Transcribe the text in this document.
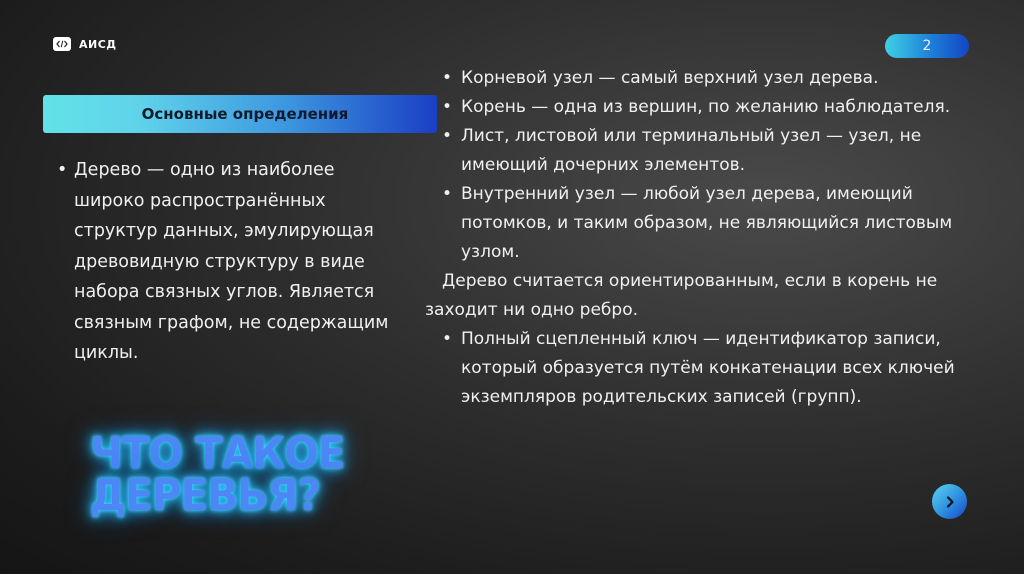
АИСД	2
Основные определения
• Дерево — одно из наиболее широко распространённых структур данных, эмулирующая древовидную структуру в виде набора связных углов. Является связным графом, не содержащим циклы.
ЧТО ТАКОЕ
ДЕРЕВЬЯ?
• Корневой узел — самый верхний узел дерева.
• Корень — одна из вершин, по желанию наблюдателя.
• Лист, листовой или терминальный узел — узел, не имеющий дочерних элементов.
• Внутренний узел — любой узел дерева, имеющий потомков, и таким образом, не являющийся листовым узлом.
Дерево считается ориентированным, если в корень не заходит ни одно ребро.
• Полный сцепленный ключ — идентификатор записи, который образуется путём конкатенации всех ключей экземпляров родительских записей (групп).
